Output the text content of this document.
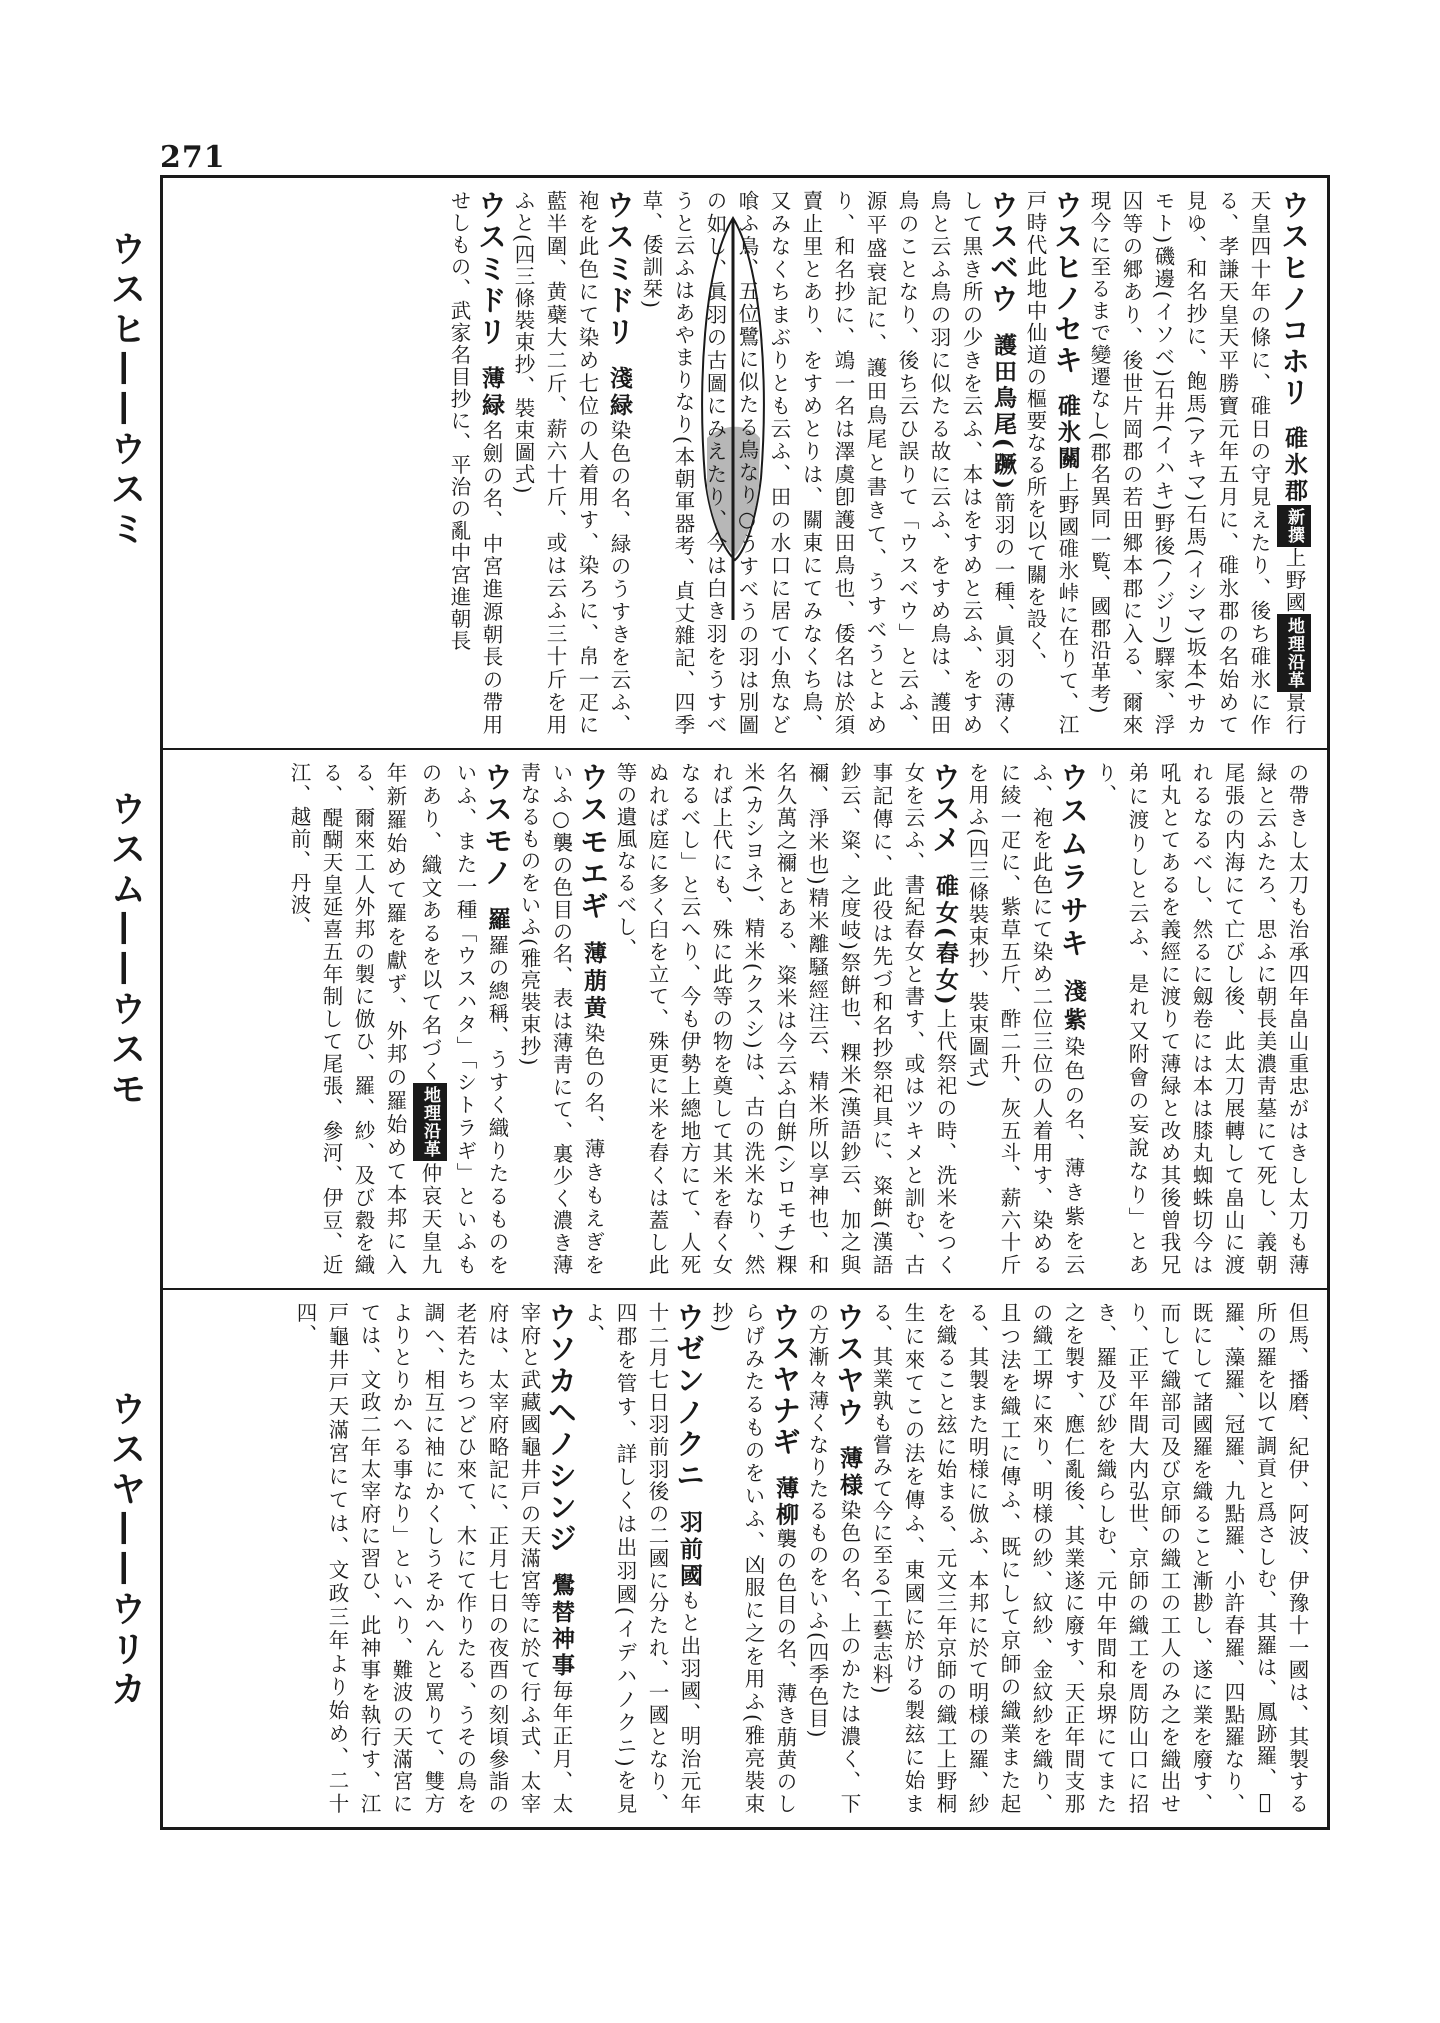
271
ウスヒ——ウスミ
ウスム——ウスモ
ウスヤ——ウリカ
ウスヒノコホリ碓氷郡新撰上野國地理沿革景行天皇四十年の條に、碓日の守見えたり、後ち碓氷に作る、孝謙天皇天平勝寶元年五月に、碓氷郡の名始めて見ゆ、和名抄に、飽馬(アキマ)石馬(イシマ)坂本(サカモト)磯邊(イソベ)石井(イハキ)野後(ノジリ)驛家、浮囚等の郷あり、後世片岡郡の若田郷本郡に入る、爾來現今に至るまで變遷なし(郡名異同一覧、國郡沿革考)
ウスヒノセキ碓氷關上野國碓氷峠に在りて、江戸時代此地中仙道の樞要なる所を以て關を設く、
ウスベウ護田鳥尾(蹶)箭羽の一種、眞羽の薄くして黒き所の少きを云ふ、本はをすめと云ふ、をすめ鳥と云ふ鳥の羽に似たる故に云ふ、をすめ鳥は、護田鳥のことなり、後ち云ひ誤りて「ウスベウ」と云ふ、源平盛衰記に、護田鳥尾と書きて、うすべうとよめり、和名抄に、鴗一名は澤虞卽護田鳥也、倭名は於須賣止里とあり、をすめとりは、關東にてみなくち鳥、又みなくちまぶりとも云ふ、田の水口に居て小魚など喰ふ鳥、五位鷺に似たる鳥なり○うすべうの羽は別圖の如し、眞羽の古圖にみえたり、今は白き羽をうすべうと云ふはあやまりなり(本朝軍器考、貞丈雜記、四季草、倭訓栞)
ウスミドリ淺緑染色の名、緑のうすきを云ふ、袍を此色にて染め七位の人着用す、染ろに、帛一疋に藍半圍、黄蘗大二斤、薪六十斤、或は云ふ三十斤を用ふと(四三條裝束抄、裝束圖式)
ウスミドリ薄緑名劍の名、中宮進源朝長の帶用せしもの、武家名目抄に、平治の亂中宮進朝長
の帶きし太刀も治承四年畠山重忠がはきし太刀も薄緑と云ふたろ、思ふに朝長美濃靑墓にて死し、義朝尾張の内海にて亡びし後、此太刀展轉して畠山に渡れるなるべし、然るに劔卷には本は膝丸蜘蛛切今は吼丸とてあるを義經に渡りて薄緑と改め其後曾我兄弟に渡りしと云ふ、是れ又附會の妄說なり」とあり、
ウスムラサキ淺紫染色の名、薄き紫を云ふ、袍を此色にて染め二位三位の人着用す、染めるに綾一疋に、紫草五斤、酢二升、灰五斗、薪六十斤を用ふ(四三條裝束抄、裝束圖式)
ウスメ碓女(舂女)上代祭祀の時、洗米をつく女を云ふ、書紀舂女と書す、或はツキメと訓む、古事記傳に、此役は先づ和名抄祭祀具に、粢餠(漢語鈔云、粢、之度岐)祭餠也、粿米(漢語鈔云、加之與禰、淨米也)精米離騷經注云、精米所以享神也、和名久萬之禰とある、粢米は今云ふ白餠(シロモチ)粿米(カシヨネ)、精米(クスシ)は、古の洗米なり、然れば上代にも、殊に此等の物を奠して其米を舂く女なるべし」と云へり、今も伊勢上總地方にて、人死ぬれば庭に多く臼を立て、殊更に米を舂くは蓋し此等の遺風なるべし、
ウスモエギ薄萠黄染色の名、薄きもえぎをいふ○襲の色目の名、表は薄靑にて、裏少く濃き薄靑なるものをいふ(雅亮裝束抄)
ウスモノ羅羅の總稱、うすく織りたるものをいふ、また一種「ウスハタ」「シトラギ」といふものあり、織文あるを以て名づく地理沿革仲哀天皇九年新羅始めて羅を獻ず、外邦の羅始めて本邦に入る、爾來工人外邦の製に倣ひ、羅、紗、及び縠を織る、醍醐天皇延喜五年制して尾張、參河、伊豆、近江、越前、丹波、
但馬、播磨、紀伊、阿波、伊豫十一國は、其製する所の羅を以て調貢と爲さしむ、其羅は、鳳跡羅、𦅅羅、藻羅、冠羅、九點羅、小許春羅、四點羅なり、既にして諸國羅を織ること漸尠し、遂に業を廢す、而して織部司及び京師の織工の工人のみ之を織出せり、正平年間大内弘世、京師の織工を周防山口に招き、羅及び紗を織らしむ、元中年間和泉堺にてまた之を製す、應仁亂後、其業遂に廢す、天正年間支那の織工堺に來り、明様の紗、紋紗、金紋紗を織り、且つ法を織工に傳ふ、既にして京師の織業また起る、其製また明様に倣ふ、本邦に於て明様の羅、紗を織ること玆に始まる、元文三年京師の織工上野桐生に來てこの法を傳ふ、東國に於ける製玆に始まる、其業孰も嘗みて今に至る(工藝志料)
ウスヤウ薄様染色の名、上のかたは濃く、下の方漸々薄くなりたるものをいふ(四季色目)
ウスヤナギ薄柳襲の色目の名、薄き萠黄のしらげみたるものをいふ、凶服に之を用ふ(雅亮裝束抄)
ウゼンノクニ羽前國もと出羽國、明治元年十二月七日羽前羽後の二國に分たれ、一國となり、四郡を管す、詳しくは出羽國(イデハノクニ)を見よ、
ウソカヘノシンジ鷽替神事毎年正月、太宰府と武藏國龜井戸の天滿宮等に於て行ふ式、太宰府は、太宰府略記に、正月七日の夜酉の刻頃參詣の老若たちつどひ來て、木にて作りたる、うその鳥を調へ、相互に袖にかくしうそかへんと罵りて、雙方よりとりかへる事なり」といへり、難波の天滿宮にては、文政二年太宰府に習ひ、此神事を執行す、江戸龜井戸天滿宮にては、文政三年より始め、二十四、
